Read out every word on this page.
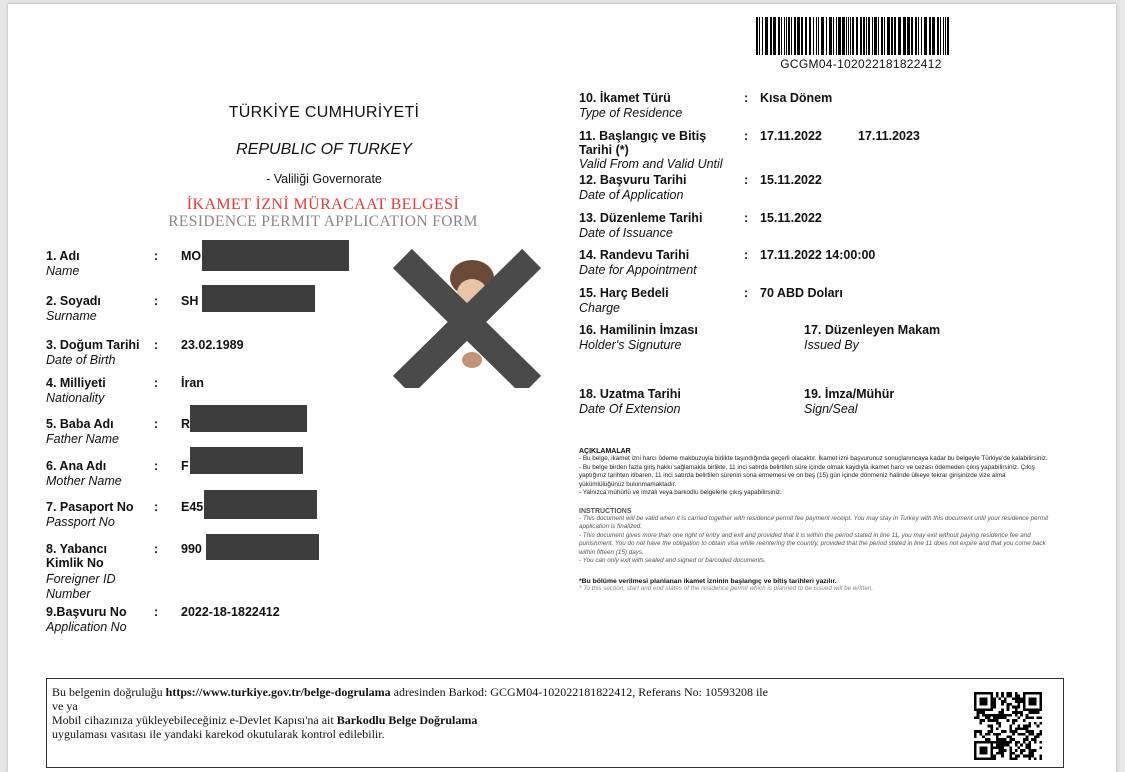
GCGM04-102022181822412
TÜRKİYE CUMHURİYETİ
REPUBLIC OF TURKEY
- Valiliği Governorate
İKAMET İZNİ MÜRACAAT BELGESİ
RESIDENCE PERMIT APPLICATION FORM
1. Adı
Name
: MO
2. Soyadı
Surname
: SH
3. Doğum Tarihi
Date of Birth
: 23.02.1989
4. Milliyeti
Nationality
: İran
5. Baba Adı
Father Name
: R
6. Ana Adı
Mother Name
: F
7. Pasaport No
Passport No
: E45
8. Yabancı Kimlik No
Foreigner ID Number
: 990
9.Başvuru No
Application No
: 2022-18-1822412
10. İkamet Türü
Type of Residence
: Kısa Dönem
11. Başlangıç ve Bitiş Tarihi (*)
Valid From and Valid Until
: 17.11.2022	17.11.2023
12. Başvuru Tarihi
Date of Application
: 15.11.2022
13. Düzenleme Tarihi
Date of Issuance
: 15.11.2022
14. Randevu Tarihi
Date for Appointment
: 17.11.2022 14:00:00
15. Harç Bedeli
Charge
: 70 ABD Doları
16. Hamilinin İmzası
Holder's Signuture
17. Düzenleyen Makam
Issued By
18. Uzatma Tarihi
Date Of Extension
19. İmza/Mühür
Sign/Seal
AÇIKLAMALAR
- Bu belge, ikamet izni harcı ödeme makbuzuyla birlikte taşındığında geçerli olacaktır. İkamet izni başvurunuz sonuçlanıncaya kadar bu belgeyle Türkiye'de kalabilirsiniz.
- Bu belge birden fazla giriş hakkı sağlamakla birlikte, 11 inci satırda belirtilen süre içinde olmak kaydıyla ikamet harcı ve cezası ödemeden çıkış yapabilirsiniz. Çıkış yaptığınız tarihten itibaren, 11 inci satırda belirtilen sürenin sona ermemesi ve on beş (15) gün içinde dönmeniz halinde ülkeye tekrar girişinizde vize alma yükümlülüğünüz bulunmamaktadır.
- Yalnızca mühürlü ve imzalı veya barkodlu belgelerle çıkış yapabilirsiniz.
INSTRUCTIONS
- This document will be valid when it is carried together with residence permit fee payment receipt. You may stay in Turkey with this document until your residence permit application is finalized.
- This document gives more than one right of entry and exit and provided that it is within the period stated in line 11, you may exit without paying residence fee and punishment. You do not have the obligation to obtain visa while reentering the country, provided that the period stated in line 11 does not expire and that you come back within fifteen (15) days.
- You can only exit with sealed and signed or barcoded documents.
*Bu bölüme verilmesi planlanan ikamet izninin başlangıç ve bitiş tarihleri yazılır.
* To this section, start and end states of the residence permit which is planned to be issued will be written.
Bu belgenin doğruluğu https://www.turkiye.gov.tr/belge-dogrulama adresinden Barkod: GCGM04-102022181822412, Referans No: 10593208 ile
ve ya
Mobil cihazınıza yükleyebileceğiniz e-Devlet Kapısı'na ait Barkodlu Belge Doğrulama
uygulaması vasıtası ile yandaki karekod okutularak kontrol edilebilir.
